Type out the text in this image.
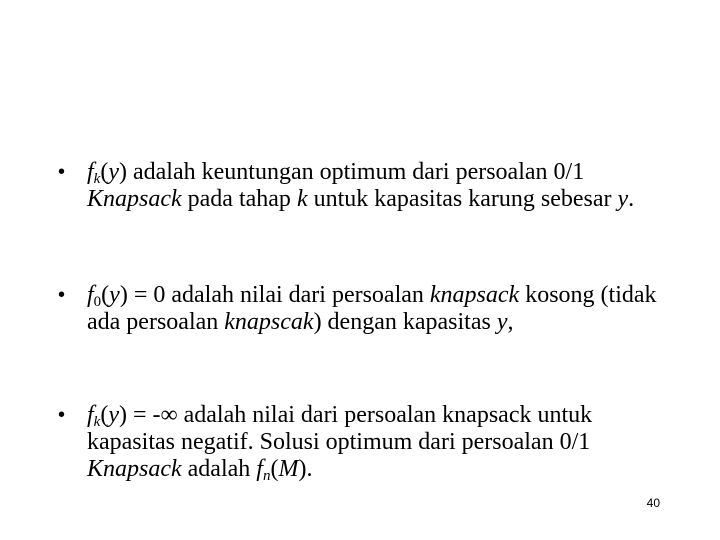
• $f_k(y)$ adalah keuntungan optimum dari persoalan 0/1 Knapsack pada tahap k untuk kapasitas karung sebesar y.
• $f_0(y) = 0$ adalah nilai dari persoalan knapsack kosong (tidak ada persoalan knapscak) dengan kapasitas y,
• $f_k(y)$ = -∞ adalah nilai dari persoalan knapsack untuk kapasitas negatif. Solusi optimum dari persoalan 0/1 Knapsack adalah $f_n(M)$.
40
